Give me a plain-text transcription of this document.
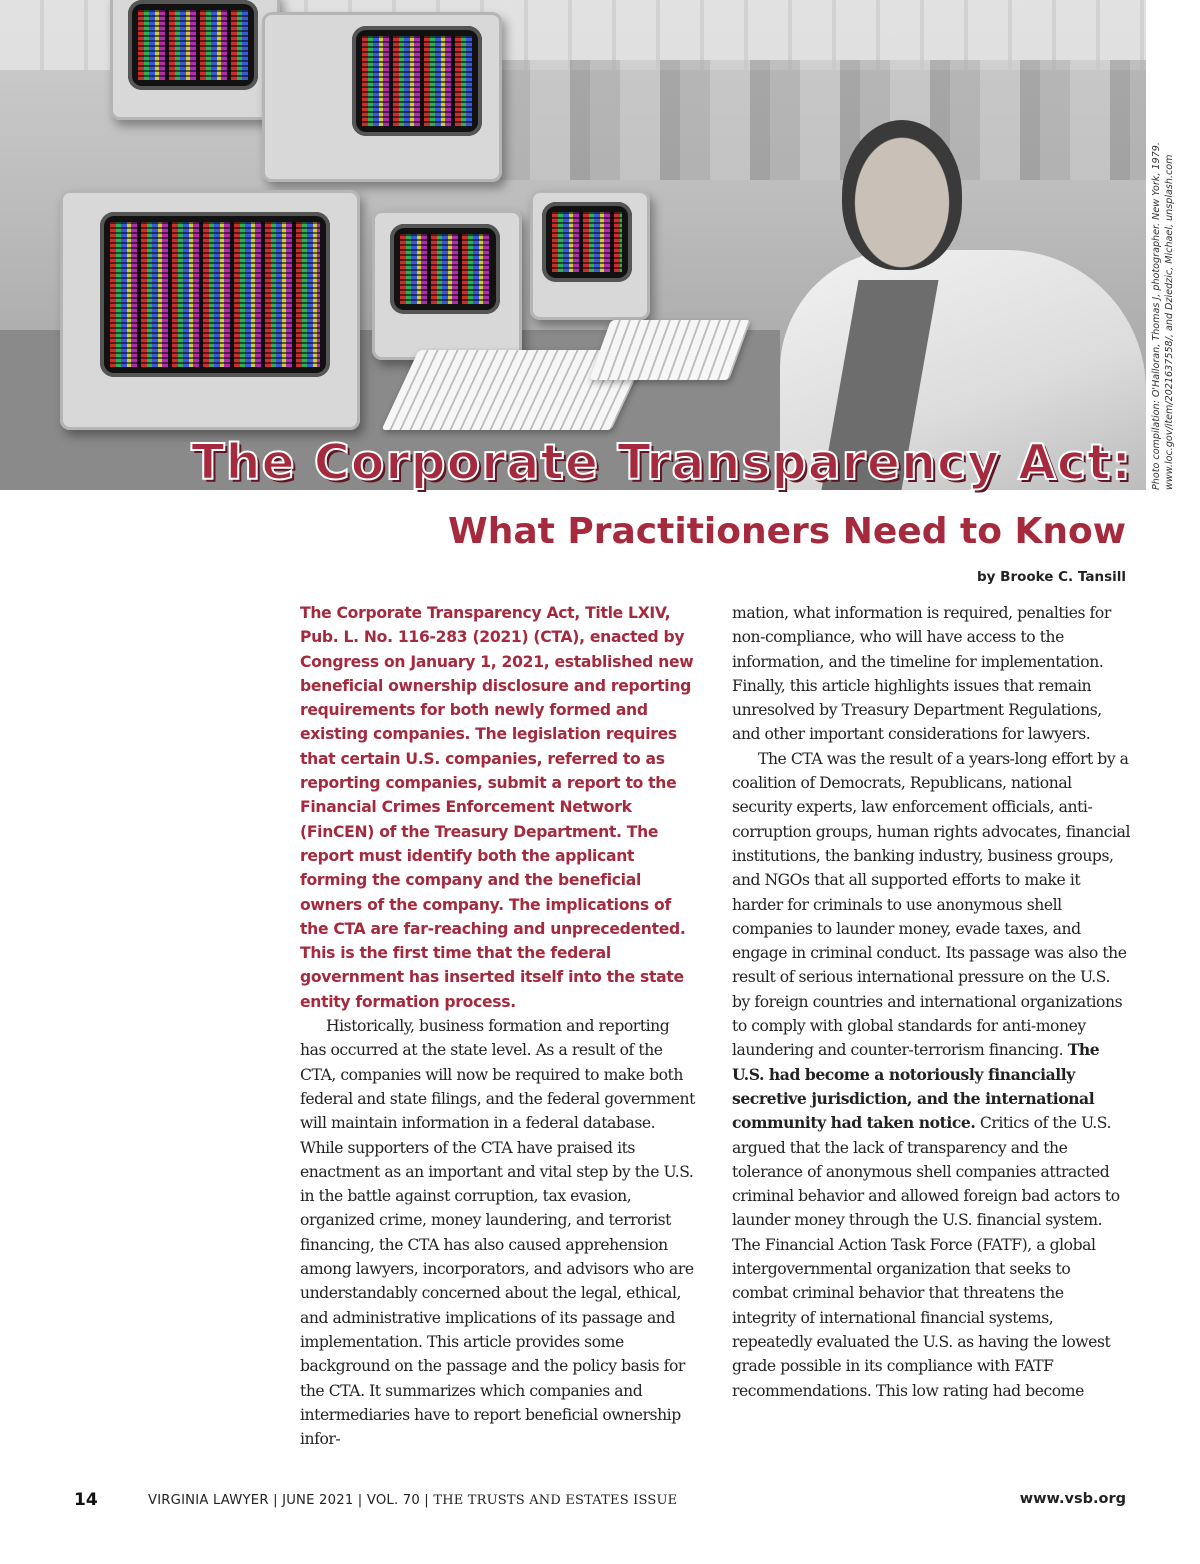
Photo compilation: O'Halloran, Thomas J, photographer. New York, 1979. www.loc.gov/item/2021637558/, and Dziedzic, Michael, unsplash.com
The Corporate Transparency Act:
What Practitioners Need to Know

by Brooke C. Tansill

The Corporate Transparency Act, Title LXIV, Pub. L. No. 116-283 (2021) (CTA), enacted by Congress on January 1, 2021, established new beneficial ownership disclosure and reporting requirements for both newly formed and existing companies. The legislation requires that certain U.S. companies, referred to as reporting companies, submit a report to the Financial Crimes Enforcement Network (FinCEN) of the Treasury Department. The report must identify both the applicant forming the company and the beneficial owners of the company. The implications of the CTA are far-reaching and unprecedented. This is the first time that the federal government has inserted itself into the state entity formation process.

Historically, business formation and reporting has occurred at the state level. As a result of the CTA, companies will now be required to make both federal and state filings, and the federal government will maintain information in a federal database. While supporters of the CTA have praised its enactment as an important and vital step by the U.S. in the battle against corruption, tax evasion, organized crime, money laundering, and terrorist financing, the CTA has also caused apprehension among lawyers, incorporators, and advisors who are understandably concerned about the legal, ethical, and administrative implications of its passage and implementation. This article provides some background on the passage and the policy basis for the CTA. It summarizes which companies and intermediaries have to report beneficial ownership infor-

mation, what information is required, penalties for non-compliance, who will have access to the information, and the timeline for implementation. Finally, this article highlights issues that remain unresolved by Treasury Department Regulations, and other important considerations for lawyers.

The CTA was the result of a years-long effort by a coalition of Democrats, Republicans, national security experts, law enforcement officials, anti-corruption groups, human rights advocates, financial institutions, the banking industry, business groups, and NGOs that all supported efforts to make it harder for criminals to use anonymous shell companies to launder money, evade taxes, and engage in criminal conduct. Its passage was also the result of serious international pressure on the U.S. by foreign countries and international organizations to comply with global standards for anti-money laundering and counter-terrorism financing. The U.S. had become a notoriously financially secretive jurisdiction, and the international community had taken notice. Critics of the U.S. argued that the lack of transparency and the tolerance of anonymous shell companies attracted criminal behavior and allowed foreign bad actors to launder money through the U.S. financial system. The Financial Action Task Force (FATF), a global intergovernmental organization that seeks to combat criminal behavior that threatens the integrity of international financial systems, repeatedly evaluated the U.S. as having the lowest grade possible in its compliance with FATF recommendations. This low rating had become

14	VIRGINIA LAWYER | JUNE 2021 | VOL. 70 | THE TRUSTS AND ESTATES ISSUE	www.vsb.org
